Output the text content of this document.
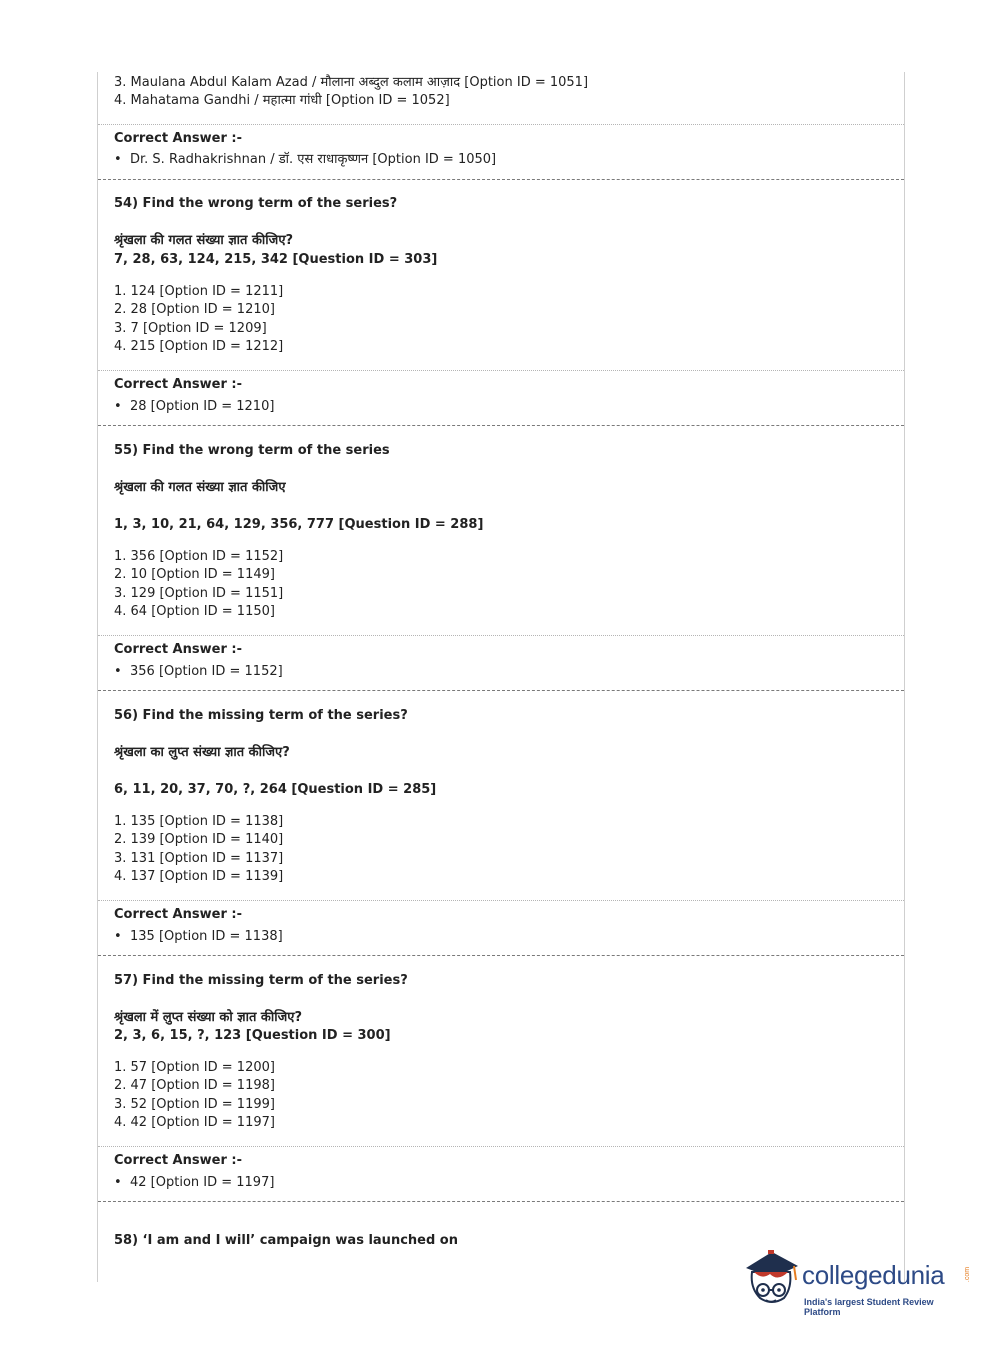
3. Maulana Abdul Kalam Azad / मौलाना अब्दुल कलाम आज़ाद [Option ID = 1051]
4. Mahatama Gandhi / महात्मा गांधी [Option ID = 1052]
Correct Answer :-
• Dr. S. Radhakrishnan / डॉ. एस राधाकृष्णन [Option ID = 1050]
54) Find the wrong term of the series?
श्रृंखला की गलत संख्या ज्ञात कीजिए?
7, 28, 63, 124, 215, 342 [Question ID = 303]
1. 124 [Option ID = 1211]
2. 28 [Option ID = 1210]
3. 7 [Option ID = 1209]
4. 215 [Option ID = 1212]
Correct Answer :-
• 28 [Option ID = 1210]
55) Find the wrong term of the series
श्रृंखला की गलत संख्या ज्ञात कीजिए
1, 3, 10, 21, 64, 129, 356, 777 [Question ID = 288]
1. 356 [Option ID = 1152]
2. 10 [Option ID = 1149]
3. 129 [Option ID = 1151]
4. 64 [Option ID = 1150]
Correct Answer :-
• 356 [Option ID = 1152]
56) Find the missing term of the series?
श्रृंखला का लुप्त संख्या ज्ञात कीजिए?
6, 11, 20, 37, 70, ?, 264 [Question ID = 285]
1. 135 [Option ID = 1138]
2. 139 [Option ID = 1140]
3. 131 [Option ID = 1137]
4. 137 [Option ID = 1139]
Correct Answer :-
• 135 [Option ID = 1138]
57) Find the missing term of the series?
श्रृंखला में लुप्त संख्या को ज्ञात कीजिए?
2, 3, 6, 15, ?, 123 [Question ID = 300]
1. 57 [Option ID = 1200]
2. 47 [Option ID = 1198]
3. 52 [Option ID = 1199]
4. 42 [Option ID = 1197]
Correct Answer :-
• 42 [Option ID = 1197]
58) ‘I am and I will’ campaign was launched on
collegedunia	.com
India's largest Student Review Platform
